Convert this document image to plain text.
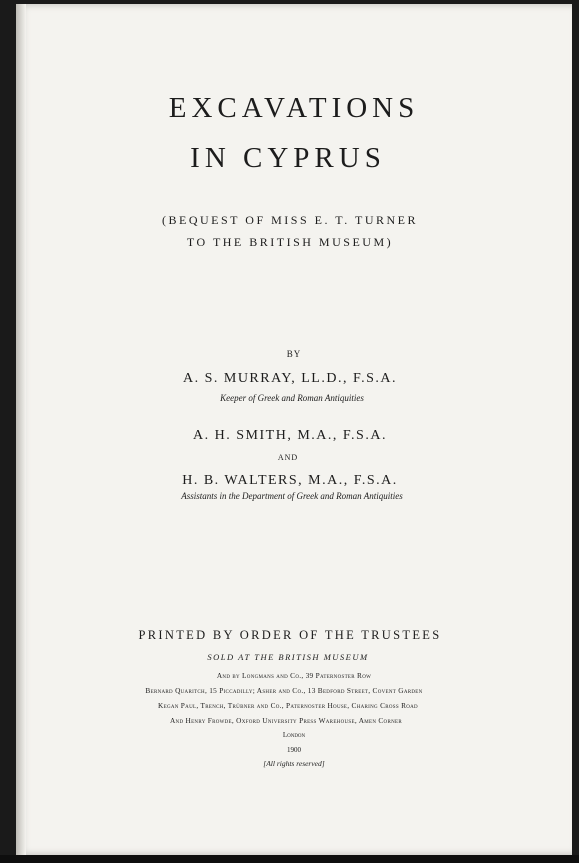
EXCAVATIONS
IN CYPRUS
(BEQUEST OF MISS E. T. TURNER
TO THE BRITISH MUSEUM)
BY
A. S. MURRAY, LL.D., F.S.A.
Keeper of Greek and Roman Antiquities
A. H. SMITH, M.A., F.S.A.
AND
H. B. WALTERS, M.A., F.S.A.
Assistants in the Department of Greek and Roman Antiquities
PRINTED BY ORDER OF THE TRUSTEES
SOLD AT THE BRITISH MUSEUM
And by Longmans and Co., 39 Paternoster Row
Bernard Quaritch, 15 Piccadilly; Asher and Co., 13 Bedford Street, Covent Garden
Kegan Paul, Trench, Trübner and Co., Paternoster House, Charing Cross Road
And Henry Frowde, Oxford University Press Warehouse, Amen Corner
London
1900
[All rights reserved]
